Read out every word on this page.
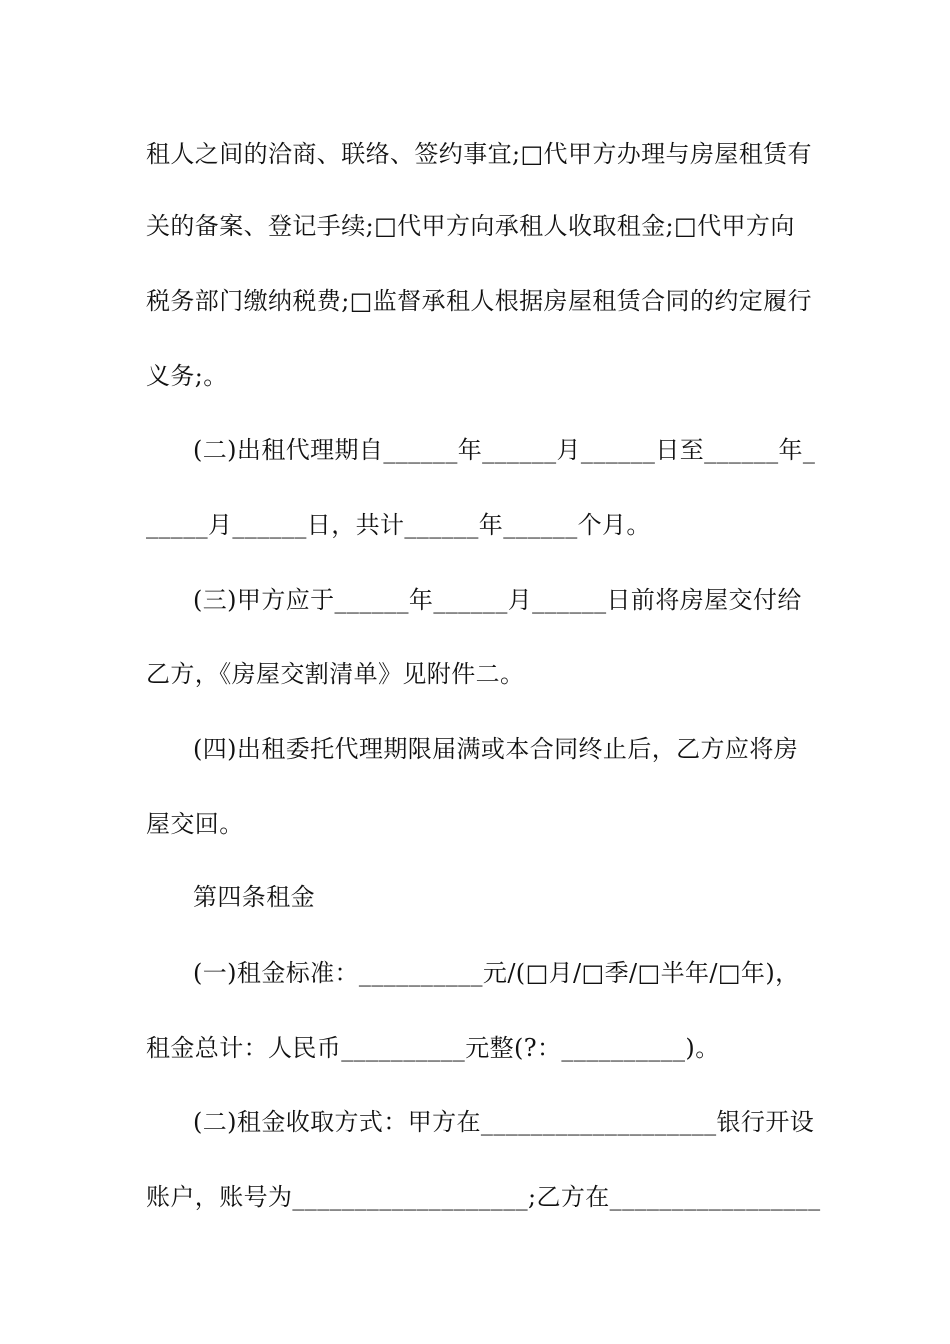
租人之间的洽商、联络、签约事宜;□代甲方办理与房屋租赁有
关的备案、登记手续;□代甲方向承租人收取租金;□代甲方向
税务部门缴纳税费;□监督承租人根据房屋租赁合同的约定履行
义务;。
(二)出租代理期自______年______月______日至______年_
_____月______日，共计______年______个月。
(三)甲方应于______年______月______日前将房屋交付给
乙方，《房屋交割清单》见附件二。
(四)出租委托代理期限届满或本合同终止后，乙方应将房
屋交回。
第四条租金
(一)租金标准：__________元/(□月/□季/□半年/□年)，
租金总计：人民币__________元整(?：__________)。
(二)租金收取方式：甲方在___________________银行开设
账户，账号为___________________;乙方在_________________
